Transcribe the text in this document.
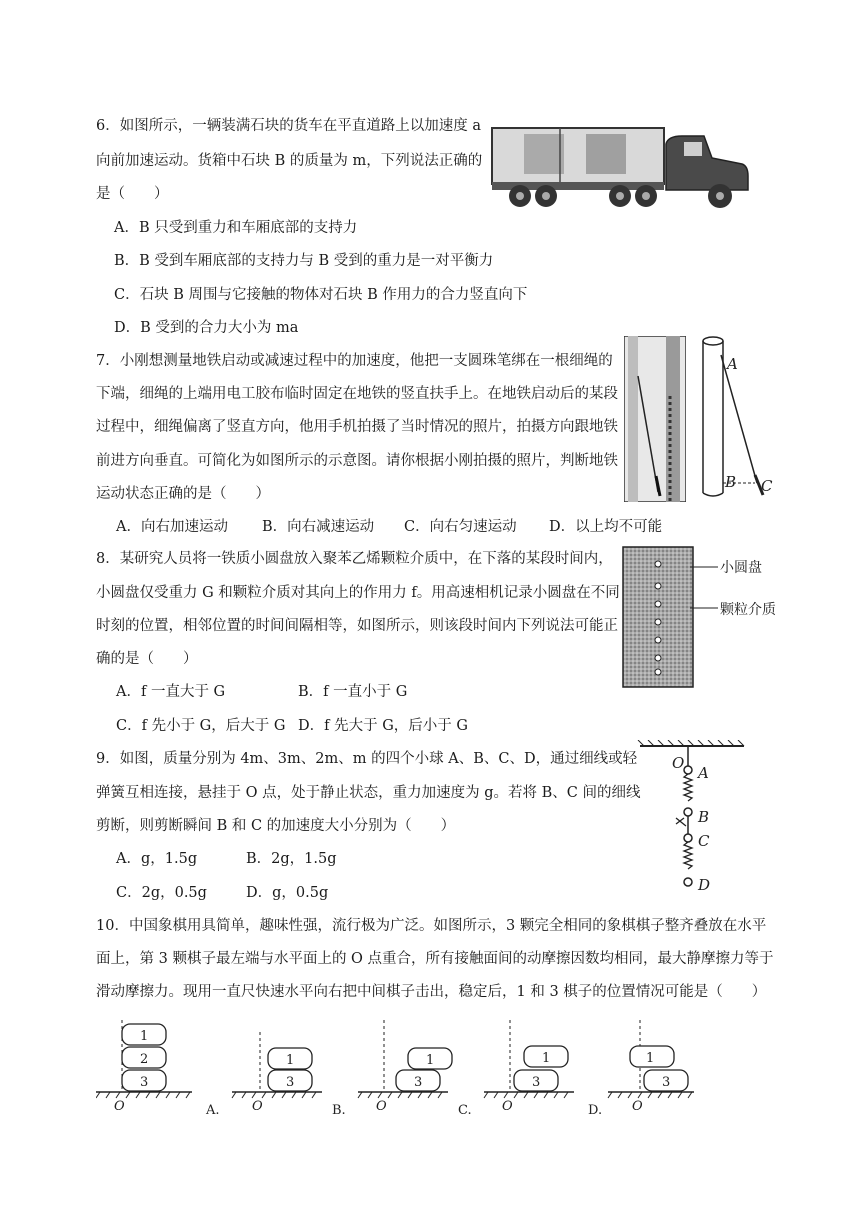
6．如图所示，一辆装满石块的货车在平直道路上以加速度 a
向前加速运动。货箱中石块 B 的质量为 m，下列说法正确的
是（　　）
A．B 只受到重力和车厢底部的支持力
B．B 受到车厢底部的支持力与 B 受到的重力是一对平衡力
C．石块 B 周围与它接触的物体对石块 B 作用力的合力竖直向下
D．B 受到的合力大小为 ma
7．小刚想测量地铁启动或减速过程中的加速度，他把一支圆珠笔绑在一根细绳的
下端，细绳的上端用电工胶布临时固定在地铁的竖直扶手上。在地铁启动后的某段
过程中，细绳偏离了竖直方向，他用手机拍摄了当时情况的照片，拍摄方向跟地铁
前进方向垂直。可简化为如图所示的示意图。请你根据小刚拍摄的照片，判断地铁
运动状态正确的是（　　）
A．向右加速运动 B．向右减速运动 C．向右匀速运动 D．以上均不可能
A
B C
8．某研究人员将一铁质小圆盘放入聚苯乙烯颗粒介质中，在下落的某段时间内，
小圆盘仅受重力 G 和颗粒介质对其向上的作用力 f。用高速相机记录小圆盘在不同
时刻的位置，相邻位置的时间间隔相等，如图所示，则该段时间内下列说法可能正
确的是（　　）
A．f 一直大于 G	B．f 一直小于 G
C．f 先小于 G，后大于 G D．f 先大于 G，后小于 G
小圆盘
颗粒介质
9．如图，质量分别为 4m、3m、2m、m 的四个小球 A、B、C、D，通过细线或轻
弹簧互相连接，悬挂于 O 点，处于静止状态，重力加速度为 g。若将 B、C 间的细线
剪断，则剪断瞬间 B 和 C 的加速度大小分别为（　　）
A．g，1.5g	B．2g，1.5g
C．2g，0.5g	D．g，0.5g
O
A
B
C
D
10．中国象棋用具简单，趣味性强，流行极为广泛。如图所示，3 颗完全相同的象棋棋子整齐叠放在水平
面上，第 3 颗棋子最左端与水平面上的 O 点重合，所有接触面间的动摩擦因数均相同，最大静摩擦力等于
滑动摩擦力。现用一直尺快速水平向右把中间棋子击出，稳定后，1 和 3 棋子的位置情况可能是（　　）
1
2
3
O	A.
1
3
O	B.
1
3
O	C.
1
3
O	D.
1
3
O
